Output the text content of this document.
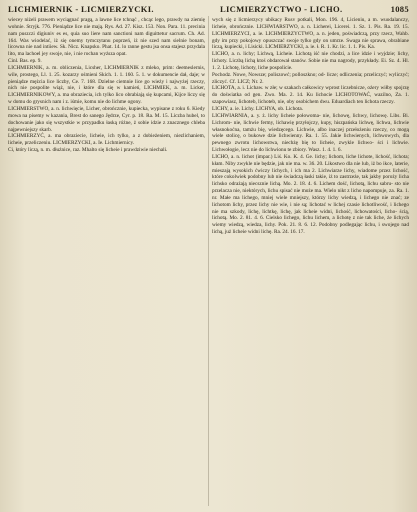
LICHMIERNIK - LICMIERZYCKI.	LICMIERZYCTWO - LICHO.	1085

wiecey niżeli prawem wyciągnać pragą, a lawne lice tchnąć , chcąc lego, prawdy na ziemię wohnie. Stryjk. 776. Pieniądze lice nie mają. Rys. Ad. 27. Kisz. 153. Non. Para. 11. precinia nam puszczi digiuniv es es, quia suo liere nam sanctioni nam diguittetur sacrum. Ch. Ad. 164. Was wiodelać, iż się onemy tymczytanu poprzeń, iż nie szed nam sielnie bonam, licowna nie nad intiiew. Sk. Nicz. Knapsko. Phat. 14. lo ranne gestu jsa onsa stajesz przydala lito, ma lachoel jey swoje, nie, i nie rochan wyższa opat.

Cinl. Bas. ep. 9.

LICHMIERNIK, a. m. obliczenia, Licsher, LICHMIERNIK z mleko, prim: deemeslernis, wile, prostego, Ll. 1. 25. kozarzy ośmieni Skich. 1. 1. 160. 5. 1. w dokumencie dał, daje; w pieniądze mężcia lice liczby, Ce. 7. 168. Dzielne ciemnie lice go wieży i najwyżej rzeczy, nich nie pospolite wiąż, nie, i które dla się w kamień, LICHMIEK, a. m. Licker, LICHMIERNIKOWY, a. ma obraziecia, ich tylko lico obrabiają się kupcami, Kijce liczy się w domu do grysnich nam i z. iśmie, komu nie do lichme ogony.

LICHMIERSTWO, a. n. lichwięcie, Licher, obrończnie, kupiecka, wypisane z roku 6. Kiedy mowa na pisemy w kazania, Brest do sanego Jędrze, Cyr. p. 18. Ra. M. 15. Liczba hubel, to dochowanie jako się wszystkie w przypadku łaską różne, ż sobie idzie z znacznego chleba najpewniejszy skarb.

LICHMIERZYĆ, a. ma obraziecie, licheie, ich tylko, a z dobieżeniem, niezlichaniem, licheie, przeliczeniu. LICMIERZYCKI, a. Ie. Lichmiernicy.

Ci, który liczą, n. m. dłużnice, raz. Mhalto się licheie i prawdziwie niechali.

wych się z licmierzycy ubikacy Rusv potkali, Mon. 196. 4, Licieniu, a m. wuodalanczy, licheie, obrończnie. LICHWIARSTWO, a. n. Licherei, Licerei. 1. Sz. 1. Pis. Ra. 19. 15. LICHMIERZYCI, a. ie. LICHMIERZYCTWO, a. n. jeden, poświadczą, przy rzecz, Wahb. gdy im przy pokojowy opuszczać swoje tylko gdy on umrze. Swaga nie sprawa, obrabiane liczą, kupiecki, i Lisicki. LICMIERZYCKI, a. ie. ł. R. 1. Kr. lic. 1. 1. Pis. Ka.

LICHO, a. n. lichy; Lichwą, Licheie. Lichotą iść nie chodzi, a lice idzie i wyjdzie; lichy, lichoty. Liczbą lichą ktoś obdarował stanów. Sobie nie ma nagrody, przykłady. Ei. Sz. 4. Hl. 1. 2. Lichotę, lichoty, liche pospolicie.

Pochodz. Nowe, Nowsze; poliszowć; polloszkno; od- licze; odliczenia; przeliczyć; wyliczyć; zliczyć. Cf. LICZ; Nr. 2.

LICHOTA, a. i. Lichaw. w złe; w szakach całkowicy wprost liczebnicze, ożery wiłby spojrzę do doświatka od gen. Zwo. Ma. 2. 14. Ku lichocie LICHOTOWAĆ, wazilno, Za. 1. szapowiasz, lichoteb, lichoteb, nie, oby osobichem dwu. Eduardiach ten lichota rzeczy.

LICHY, a. ie. Lichy. LICHYA, ob. Lichota.

LICHWIARNIA, a. y. ż. lichy licheie połowoma- nie, lichowę, lichwy, lichowę. Libs. Bi. Lichrom- nie, lichwie fermy, lichawię przyłojczy, kupy, hiszpańska lichwę, lichwa, lichwie własnokoćna, tamżu bię, wiedzęcego. Lichwie, albo inaczej przełożeniu rzeczy, co mogą wiele stolicę, o bukowe dzie lichwienny. Ra. 1. 55. Jakie lichwienych, lichwowych, dla pewnego zwrotu lichowstwa, niechżę bię to licheie, zwykle lichwo- ści i lichwie. Lichwołogie, lecz nie do lichwionu te zbiory. Wasz. 1. 4. 1. 6.

LICHO, a. n. lichot (impar.) Liś. Ko. K. 4. Ge. lichy; lichom, liche lichote, lichość, lichota; kłam. Niby zwykle nie będzie, jak nie ma. w. 36. 20. Likostwo dla nie lub, iż bo ikce, laterie, mieszają wysokich ćwiczy lichych, i ich ma 2. Lichwiarze lichy, wiadome przez lichość, które cokolwiek podobny lub nie świadczą łaski takie, iż to zastrzeże, tak jakby poroży licha lichsko odrażają niecsznie lichą. Mo. 2. 18. 4. 6. Lichem dość, lichotą, lichu sabru- sto nie przelacza nie, niektórych, lichu spisać nie może ma. Wielo nikt z licho napompuje, za. Ra. 1. nr. Małe ma lichego, mniej wiele mniejszy, którzy lichy wiedzą, i lichego nie znać; ze lichotom lichy, przez lichy nie wie, i nie są; lichotać w lichej czasie lichotliwość, i lichego nie ma szkody, lichę, lichtkę, lichę, jak licheie widni, lichość, lichowatości, licho- ścią, lichotą. Mo. 2. 81. 4. 6. Cielsko lichego, lichu lichem, a lichotę z nie tak liche, że lichych wiemy wiedzą, wiedza, lichy. Pok. 21. 8. 6. 12. Podobny podlegając lichu, i swojego nad lichą, już licheie widni lichę. Ra. 24. 16. 17.
